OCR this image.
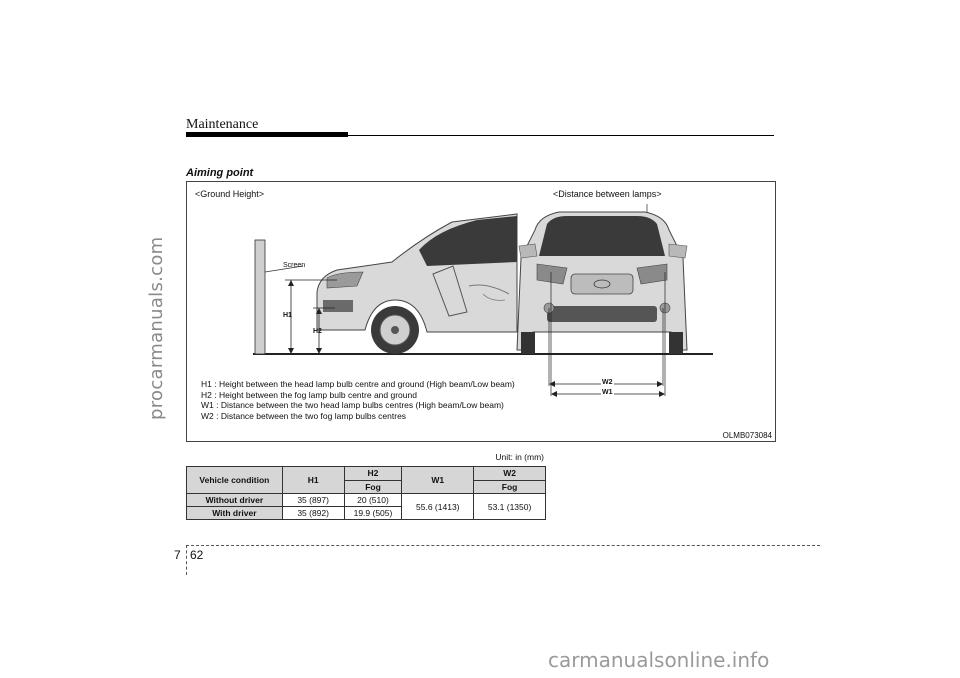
procarmanuals.com
Maintenance
Aiming point
<Ground Height>	<Distance between lamps>
Screen
H1
H2
W2
W1
H1 : Height between the head lamp bulb centre and ground (High beam/Low beam)
H2 : Height between the fog lamp bulb centre and ground
W1 : Distance between the two head lamp bulbs centres (High beam/Low beam)
W2 : Distance between the two fog lamp bulbs centres
OLMB073084
Unit: in (mm)
Vehicle condition	H1	H2	W1	W2
		Fog		Fog
Without driver	35 (897)	20 (510)	55.6 (1413)	53.1 (1350)
With driver	35 (892)	19.9 (505)		
7 62
carmanualsonline.info
